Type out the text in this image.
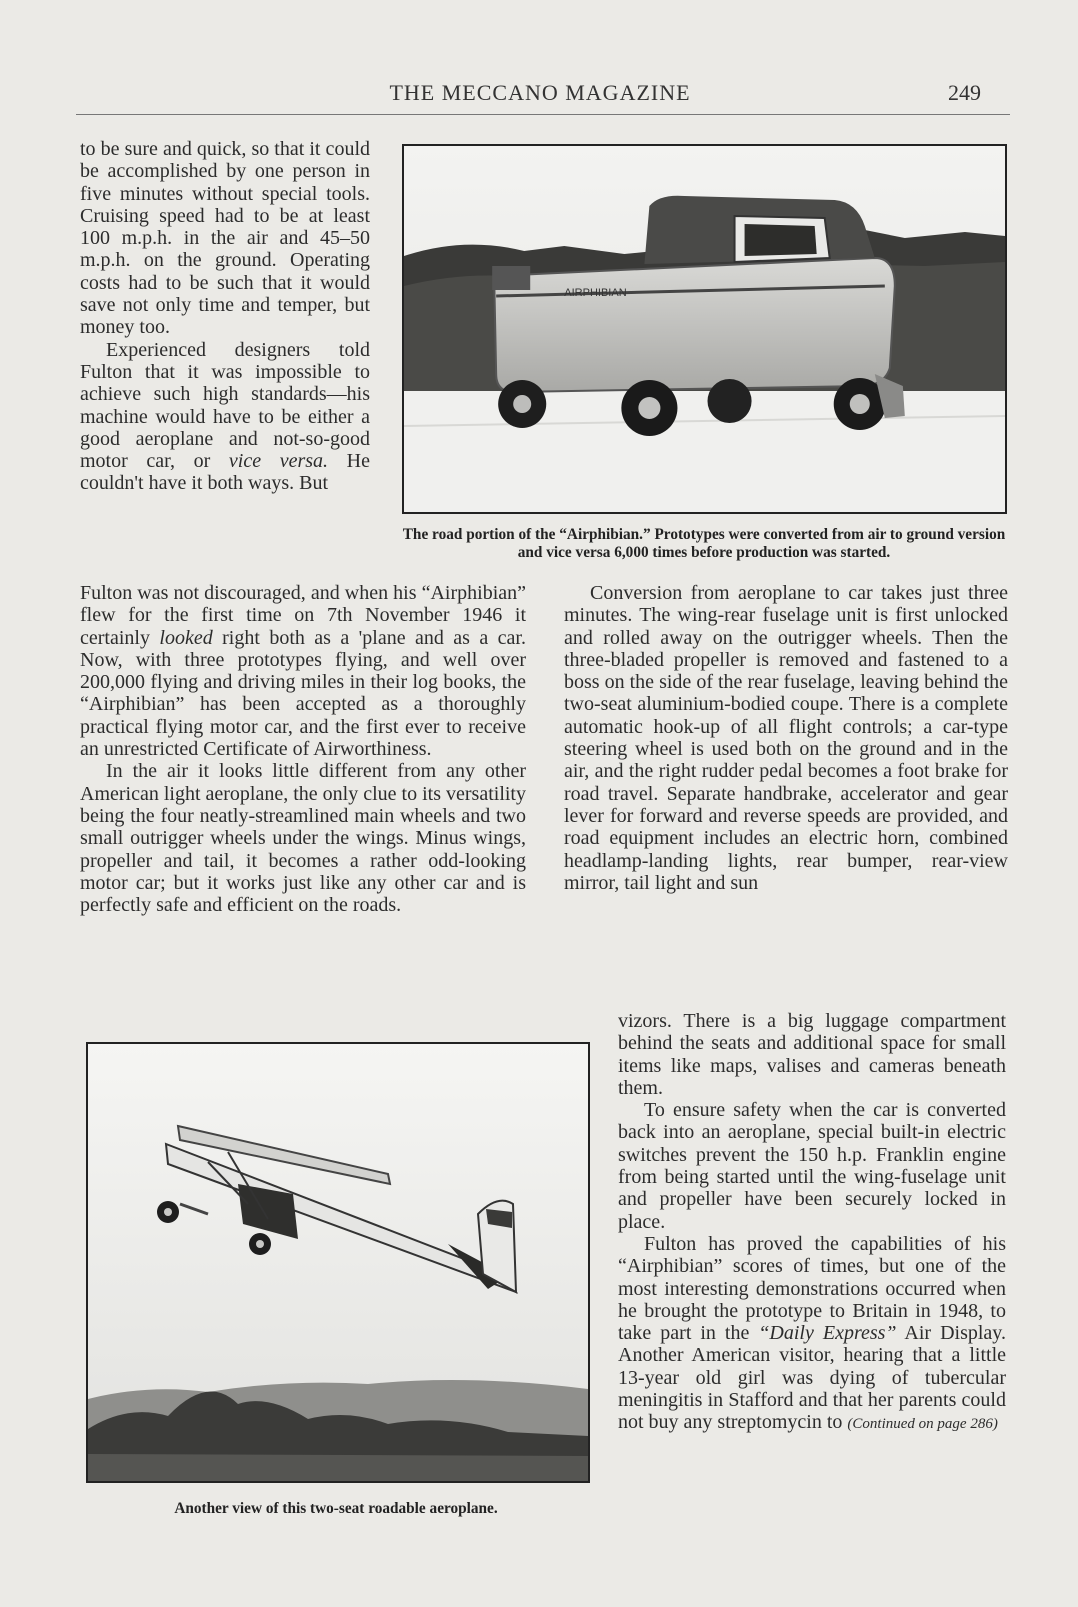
THE MECCANO MAGAZINE	249

to be sure and quick, so that it could be accomplished by one person in five minutes without special tools. Cruising speed had to be at least 100 m.p.h. in the air and 45–50 m.p.h. on the ground. Operating costs had to be such that it would save not only time and temper, but money too.

Experienced designers told Fulton that it was impossible to achieve such high standards—his machine would have to be either a good aeroplane and not-so-good motor car, or vice versa. He couldn't have it both ways. But

Fulton was not discouraged, and when his “Airphibian” flew for the first time on 7th November 1946 it certainly looked right both as a 'plane and as a car. Now, with three prototypes flying, and well over 200,000 flying and driving miles in their log books, the “Airphibian” has been accepted as a thoroughly practical flying motor car, and the first ever to receive an unrestricted Certificate of Airworthiness.

In the air it looks little different from any other American light aeroplane, the only clue to its versatility being the four neatly-streamlined main wheels and two small outrigger wheels under the wings. Minus wings, propeller and tail, it becomes a rather odd-looking motor car; but it works just like any other car and is perfectly safe and efficient on the roads.

Conversion from aeroplane to car takes just three minutes. The wing-rear fuselage unit is first unlocked and rolled away on the outrigger wheels. Then the three-bladed propeller is removed and fastened to a boss on the side of the rear fuselage, leaving behind the two-seat aluminium-bodied coupe. There is a complete automatic hook-up of all flight controls; a car-type steering wheel is used both on the ground and in the air, and the right rudder pedal becomes a foot brake for road travel. Separate handbrake, accelerator and gear lever for forward and reverse speeds are provided, and road equipment includes an electric horn, combined headlamp-landing lights, rear bumper, rear-view mirror, tail light and sun

vizors. There is a big luggage compartment behind the seats and additional space for small items like maps, valises and cameras beneath them.

To ensure safety when the car is converted back into an aeroplane, special built-in electric switches prevent the 150 h.p. Franklin engine from being started until the wing-fuselage unit and propeller have been securely locked in place.

Fulton has proved the capabilities of his “Airphibian” scores of times, but one of the most interesting demonstrations occurred when he brought the prototype to Britain in 1948, to take part in the “Daily Express” Air Display. Another American visitor, hearing that a little 13-year old girl was dying of tubercular meningitis in Stafford and that her parents could not buy any streptomycin to (Continued on page 286)

AIRPHIBIAN
The road portion of the “Airphibian.” Prototypes were converted from air to ground version and vice versa 6,000 times before production was started.
Another view of this two-seat roadable aeroplane.
